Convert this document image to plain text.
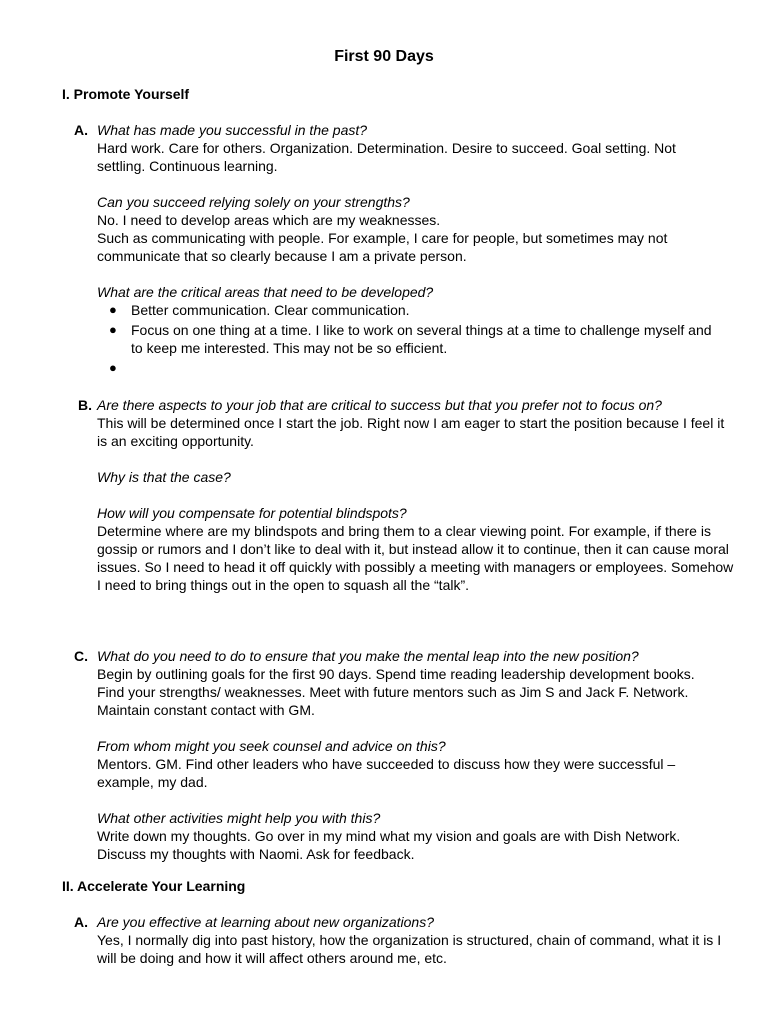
First 90 Days
I. Promote Yourself
A. What has made you successful in the past?
Hard work. Care for others. Organization. Determination. Desire to succeed. Goal setting. Not settling. Continuous learning.
Can you succeed relying solely on your strengths?
No. I need to develop areas which are my weaknesses.
Such as communicating with people. For example, I care for people, but sometimes may not communicate that so clearly because I am a private person.
What are the critical areas that need to be developed?
● Better communication. Clear communication.
● Focus on one thing at a time. I like to work on several things at a time to challenge myself and to keep me interested. This may not be so efficient.
●
B. Are there aspects to your job that are critical to success but that you prefer not to focus on?
This will be determined once I start the job. Right now I am eager to start the position because I feel it is an exciting opportunity.
Why is that the case?
How will you compensate for potential blindspots?
Determine where are my blindspots and bring them to a clear viewing point. For example, if there is gossip or rumors and I don’t like to deal with it, but instead allow it to continue, then it can cause moral issues. So I need to head it off quickly with possibly a meeting with managers or employees. Somehow I need to bring things out in the open to squash all the “talk”.
C. What do you need to do to ensure that you make the mental leap into the new position?
Begin by outlining goals for the first 90 days. Spend time reading leadership development books. Find your strengths/ weaknesses. Meet with future mentors such as Jim S and Jack F. Network. Maintain constant contact with GM.
From whom might you seek counsel and advice on this?
Mentors. GM. Find other leaders who have succeeded to discuss how they were successful – example, my dad.
What other activities might help you with this?
Write down my thoughts. Go over in my mind what my vision and goals are with Dish Network. Discuss my thoughts with Naomi. Ask for feedback.
II. Accelerate Your Learning
A. Are you effective at learning about new organizations?
Yes, I normally dig into past history, how the organization is structured, chain of command, what it is I will be doing and how it will affect others around me, etc.
